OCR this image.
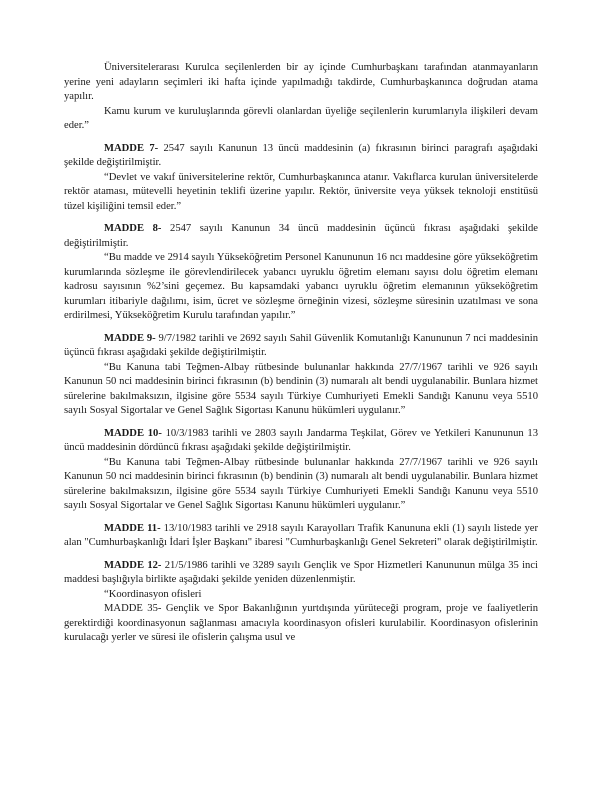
Üniversitelerarası Kurulca seçilenlerden bir ay içinde Cumhurbaşkanı tarafından atanmayanların yerine yeni adayların seçimleri iki hafta içinde yapılmadığı takdirde, Cumhurbaşkanınca doğrudan atama yapılır.

Kamu kurum ve kuruluşlarında görevli olanlardan üyeliğe seçilenlerin kurumlarıyla ilişkileri devam eder.”

MADDE 7- 2547 sayılı Kanunun 13 üncü maddesinin (a) fıkrasının birinci paragrafı aşağıdaki şekilde değiştirilmiştir.

“Devlet ve vakıf üniversitelerine rektör, Cumhurbaşkanınca atanır. Vakıflarca kurulan üniversitelerde rektör ataması, mütevelli heyetinin teklifi üzerine yapılır. Rektör, üniversite veya yüksek teknoloji enstitüsü tüzel kişiliğini temsil eder.”

MADDE 8- 2547 sayılı Kanunun 34 üncü maddesinin üçüncü fıkrası aşağıdaki şekilde değiştirilmiştir.

“Bu madde ve 2914 sayılı Yükseköğretim Personel Kanununun 16 ncı maddesine göre yükseköğretim kurumlarında sözleşme ile görevlendirilecek yabancı uyruklu öğretim elemanı sayısı dolu öğretim elemanı kadrosu sayısının %2’sini geçemez. Bu kapsamdaki yabancı uyruklu öğretim elemanının yükseköğretim kurumları itibariyle dağılımı, isim, ücret ve sözleşme örneğinin vizesi, sözleşme süresinin uzatılması ve sona erdirilmesi, Yükseköğretim Kurulu tarafından yapılır.”

MADDE 9- 9/7/1982 tarihli ve 2692 sayılı Sahil Güvenlik Komutanlığı Kanununun 7 nci maddesinin üçüncü fıkrası aşağıdaki şekilde değiştirilmiştir.

“Bu Kanuna tabi Teğmen-Albay rütbesinde bulunanlar hakkında 27/7/1967 tarihli ve 926 sayılı Kanunun 50 nci maddesinin birinci fıkrasının (b) bendinin (3) numaralı alt bendi uygulanabilir. Bunlara hizmet sürelerine bakılmaksızın, ilgisine göre 5534 sayılı Türkiye Cumhuriyeti Emekli Sandığı Kanunu veya 5510 sayılı Sosyal Sigortalar ve Genel Sağlık Sigortası Kanunu hükümleri uygulanır.”

MADDE 10- 10/3/1983 tarihli ve 2803 sayılı Jandarma Teşkilat, Görev ve Yetkileri Kanununun 13 üncü maddesinin dördüncü fıkrası aşağıdaki şekilde değiştirilmiştir.

“Bu Kanuna tabi Teğmen-Albay rütbesinde bulunanlar hakkında 27/7/1967 tarihli ve 926 sayılı Kanunun 50 nci maddesinin birinci fıkrasının (b) bendinin (3) numaralı alt bendi uygulanabilir. Bunlara hizmet sürelerine bakılmaksızın, ilgisine göre 5534 sayılı Türkiye Cumhuriyeti Emekli Sandığı Kanunu veya 5510 sayılı Sosyal Sigortalar ve Genel Sağlık Sigortası Kanunu hükümleri uygulanır.”

MADDE 11- 13/10/1983 tarihli ve 2918 sayılı Karayolları Trafik Kanununa ekli (1) sayılı listede yer alan "Cumhurbaşkanlığı İdari İşler Başkanı" ibaresi "Cumhurbaşkanlığı Genel Sekreteri" olarak değiştirilmiştir.

MADDE 12- 21/5/1986 tarihli ve 3289 sayılı Gençlik ve Spor Hizmetleri Kanununun mülga 35 inci maddesi başlığıyla birlikte aşağıdaki şekilde yeniden düzenlenmiştir.

“Koordinasyon ofisleri

MADDE 35- Gençlik ve Spor Bakanlığının yurtdışında yürüteceği program, proje ve faaliyetlerin gerektirdiği koordinasyonun sağlanması amacıyla koordinasyon ofisleri kurulabilir. Koordinasyon ofislerinin kurulacağı yerler ve süresi ile ofislerin çalışma usul ve
